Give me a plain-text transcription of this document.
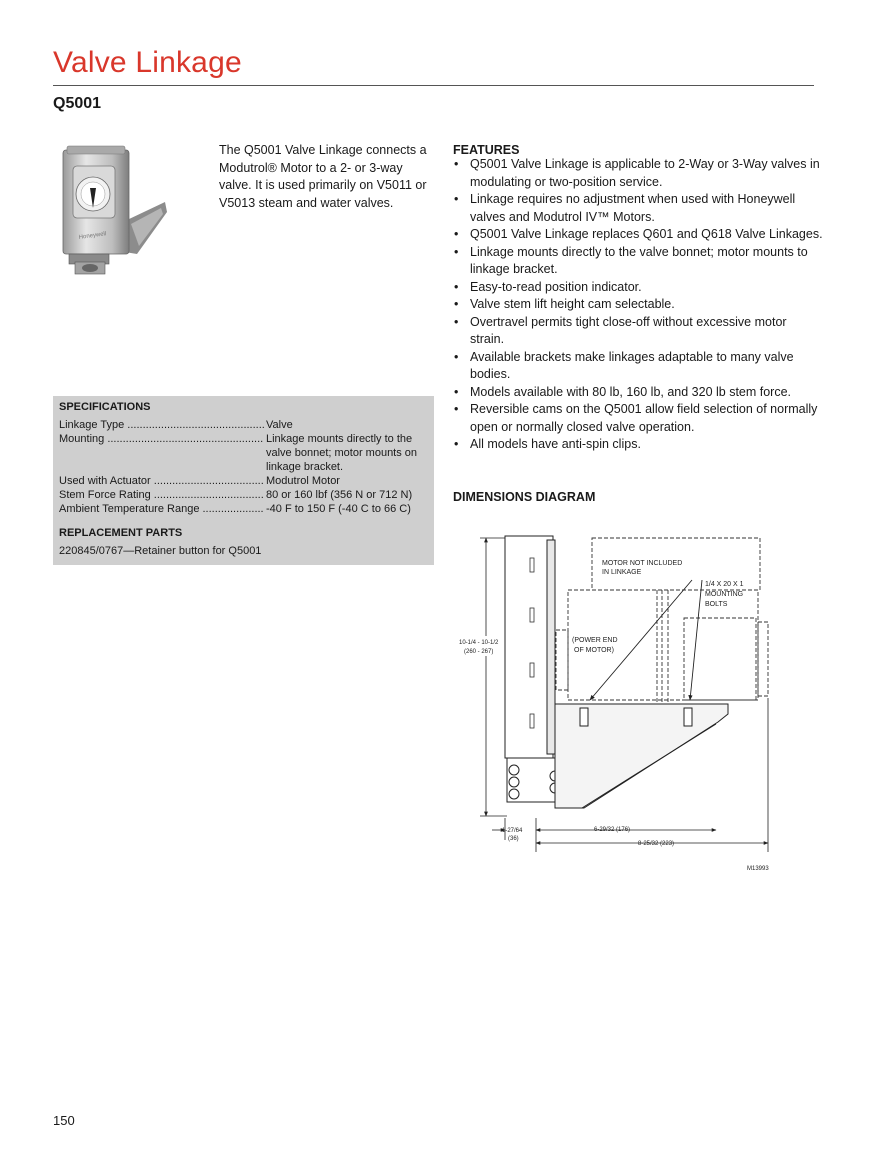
Valve Linkage
Q5001
Honeywell

The Q5001 Valve Linkage connects a Modutrol® Motor to a 2- or 3-way valve. It is used primarily on V5011 or V5013 steam and water valves.

SPECIFICATIONS
Linkage Type .....	Valve
Mounting .....	Linkage mounts directly to the valve bonnet; motor mounts on linkage bracket.
Used with Actuator .....	Modutrol Motor
Stem Force Rating .....	80 or 160 lbf (356 N or 712 N)
Ambient Temperature Range .....	-40 F to 150 F (-40 C to 66 C)
REPLACEMENT PARTS
220845/0767—Retainer button for Q5001
FEATURES
• Q5001 Valve Linkage is applicable to 2-Way or 3-Way valves in modulating or two-position service.
• Linkage requires no adjustment when used with Honeywell valves and Modutrol IV™ Motors.
• Q5001 Valve Linkage replaces Q601 and Q618 Valve Linkages.
• Linkage mounts directly to the valve bonnet; motor mounts to linkage bracket.
• Easy-to-read position indicator.
• Valve stem lift height cam selectable.
• Overtravel permits tight close-off without excessive motor strain.
• Available brackets make linkages adaptable to many valve bodies.
• Models available with 80 lb, 160 lb, and 320 lb stem force.
• Reversible cams on the Q5001 allow field selection of normally open or normally closed valve operation.
• All models have anti-spin clips.
DIMENSIONS DIAGRAM
MOTOR NOT INCLUDED
IN LINKAGE
1/4 X 20 X 1
MOUNTING
BOLTS
(POWER END
OF MOTOR)
10-1/4 - 10-1/2
(260 - 267)
1-27/64
(36)
6-29/32 (176)
8-25/32 (223)
M13993
150
